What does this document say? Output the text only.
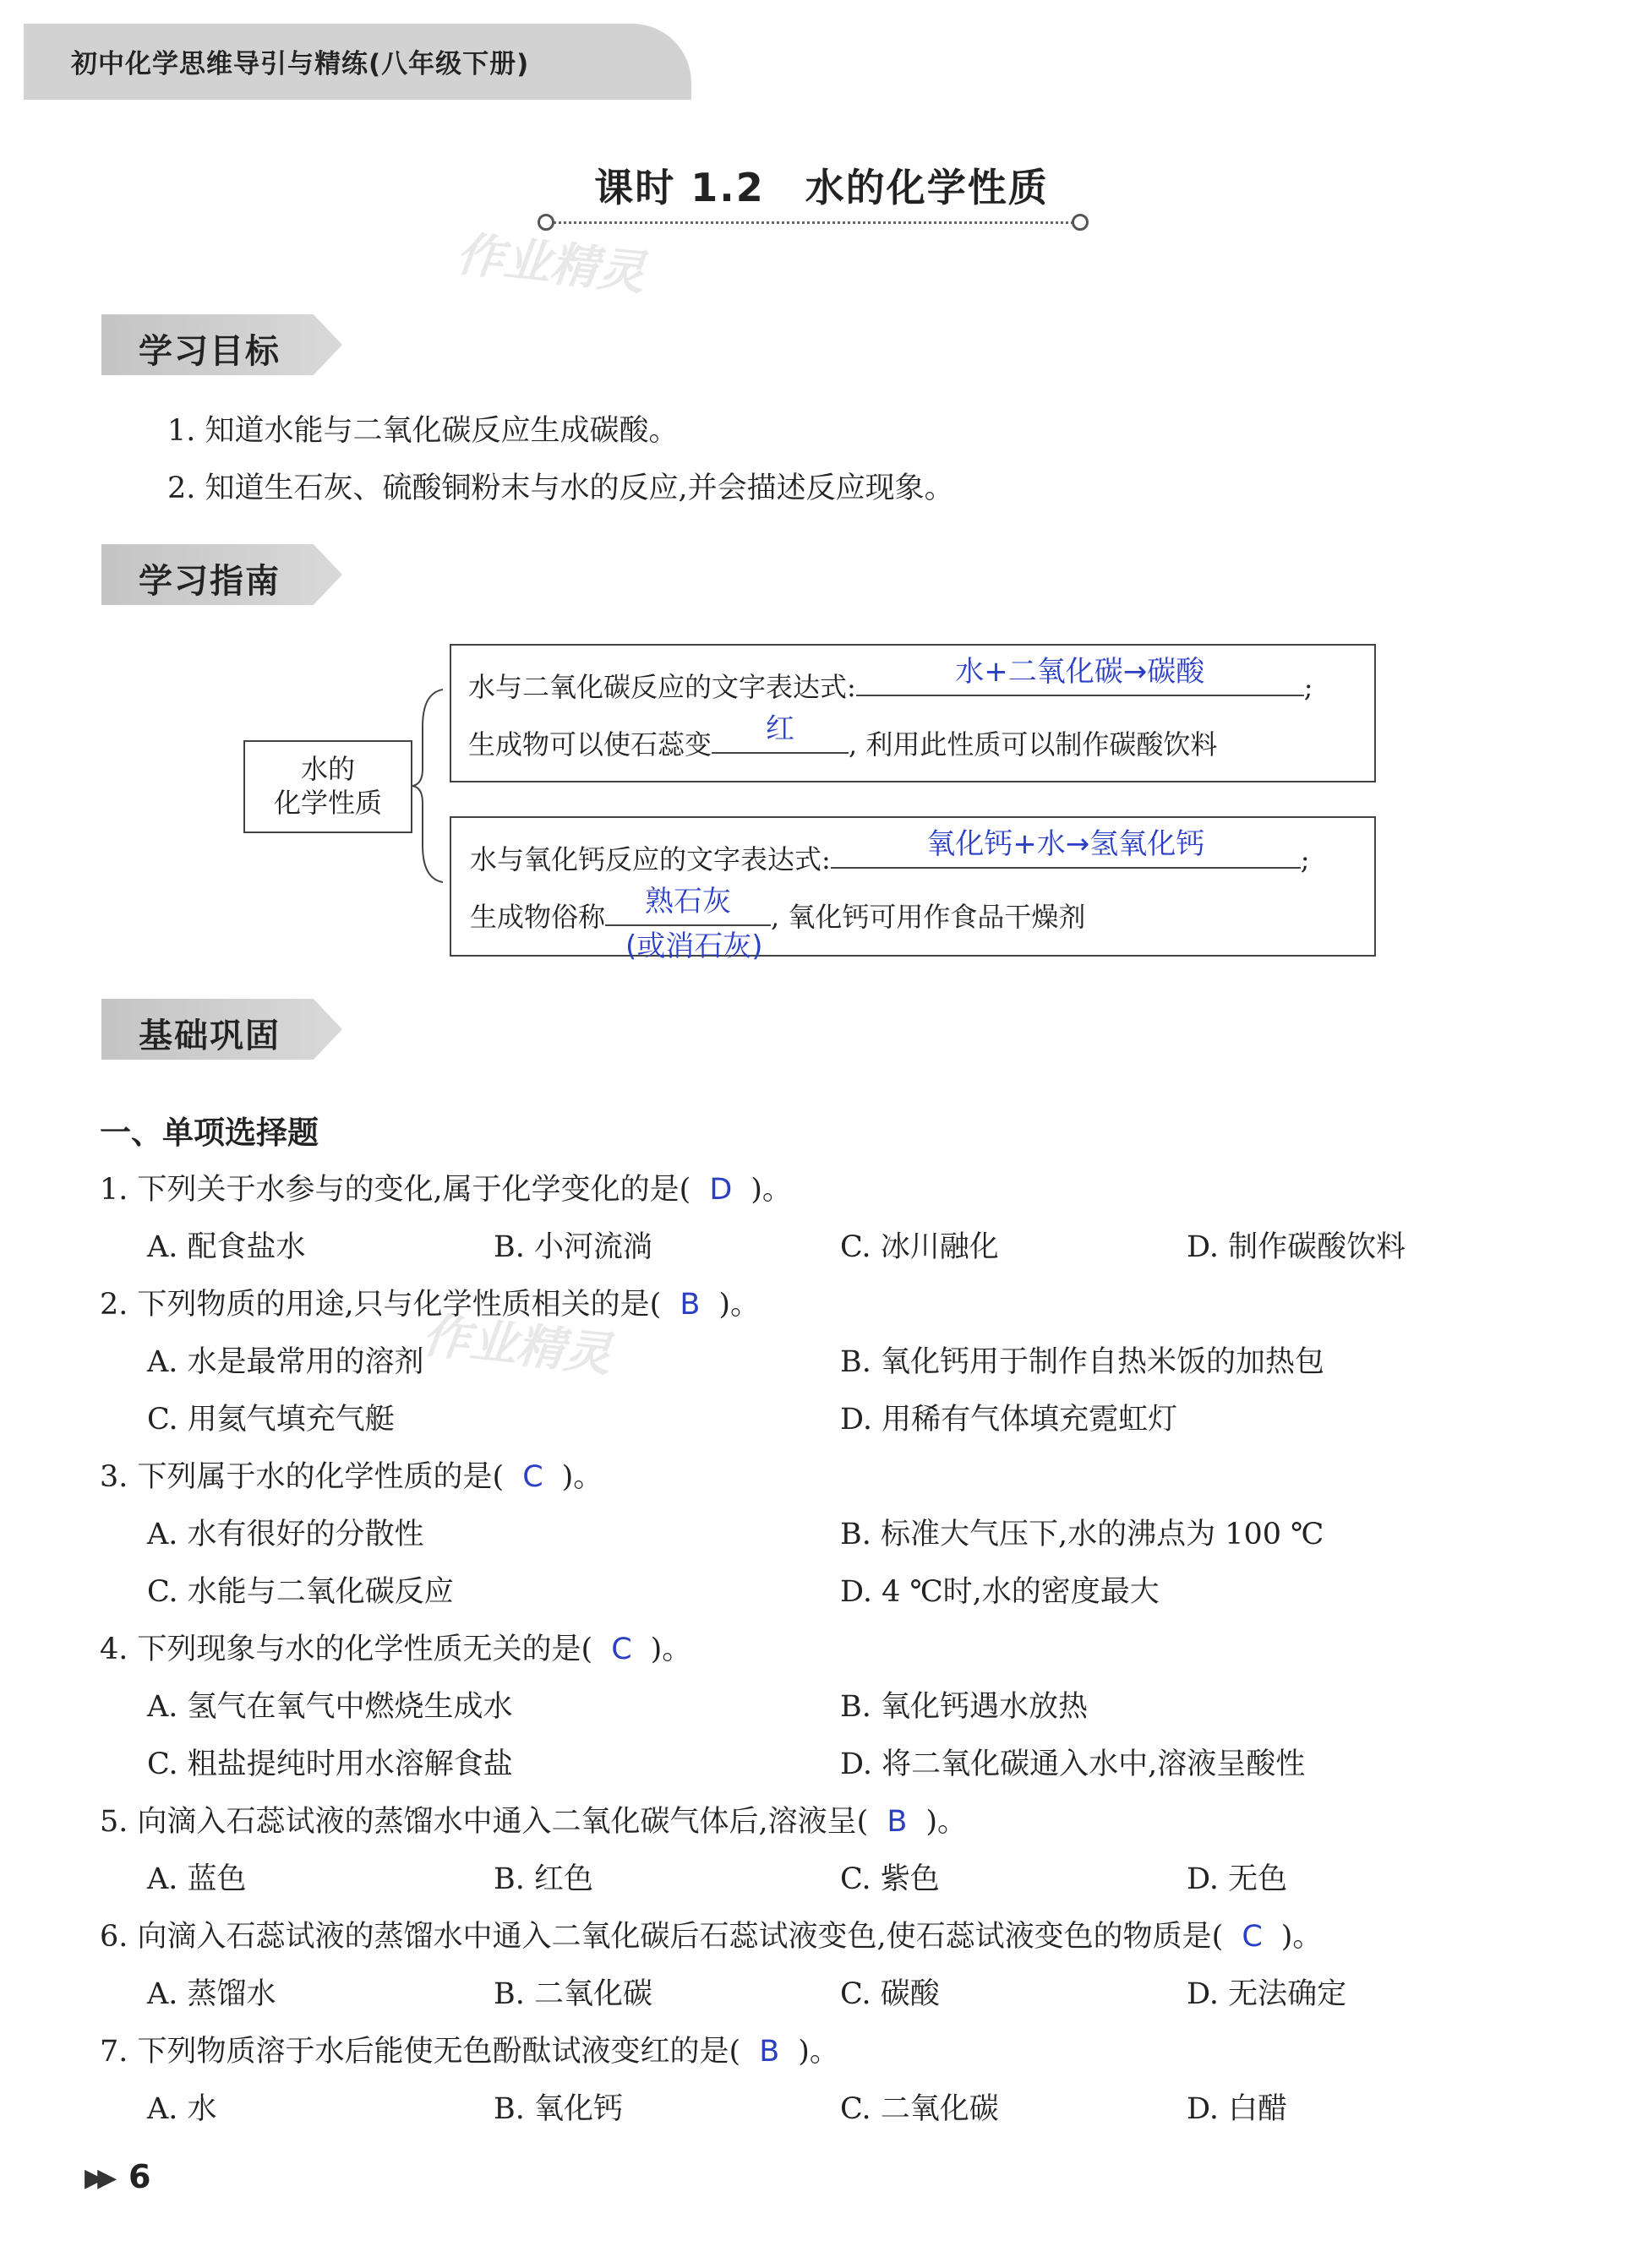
初中化学思维导引与精练(八年级下册)
课时 1.2　水的化学性质
作业精灵
作业精灵
学习目标
1. 知道水能与二氧化碳反应生成碳酸。
2. 知道生石灰、硫酸铜粉末与水的反应,并会描述反应现象。
学习指南
水的
化学性质
水与二氧化碳反应的文字表达式:	水+二氧化碳→碳酸	;
生成物可以使石蕊变	红	, 利用此性质可以制作碳酸饮料
水与氧化钙反应的文字表达式:	氧化钙+水→氢氧化钙	;
生成物俗称	熟石灰	, 氧化钙可用作食品干燥剂
(或消石灰)
基础巩固
一、单项选择题
1. 下列关于水参与的变化,属于化学变化的是( D )。
A. 配食盐水	B. 小河流淌	C. 冰川融化	D. 制作碳酸饮料
2. 下列物质的用途,只与化学性质相关的是( B )。
A. 水是最常用的溶剂	B. 氧化钙用于制作自热米饭的加热包
C. 用氦气填充气艇	D. 用稀有气体填充霓虹灯
3. 下列属于水的化学性质的是( C )。
A. 水有很好的分散性	B. 标准大气压下,水的沸点为 100 ℃
C. 水能与二氧化碳反应	D. 4 ℃时,水的密度最大
4. 下列现象与水的化学性质无关的是( C )。
A. 氢气在氧气中燃烧生成水	B. 氧化钙遇水放热
C. 粗盐提纯时用水溶解食盐	D. 将二氧化碳通入水中,溶液呈酸性
5. 向滴入石蕊试液的蒸馏水中通入二氧化碳气体后,溶液呈( B )。
A. 蓝色	B. 红色	C. 紫色	D. 无色
6. 向滴入石蕊试液的蒸馏水中通入二氧化碳后石蕊试液变色,使石蕊试液变色的物质是( C )。
A. 蒸馏水	B. 二氧化碳	C. 碳酸	D. 无法确定
7. 下列物质溶于水后能使无色酚酞试液变红的是( B )。
A. 水	B. 氧化钙	C. 二氧化碳	D. 白醋
▶▶ 6
